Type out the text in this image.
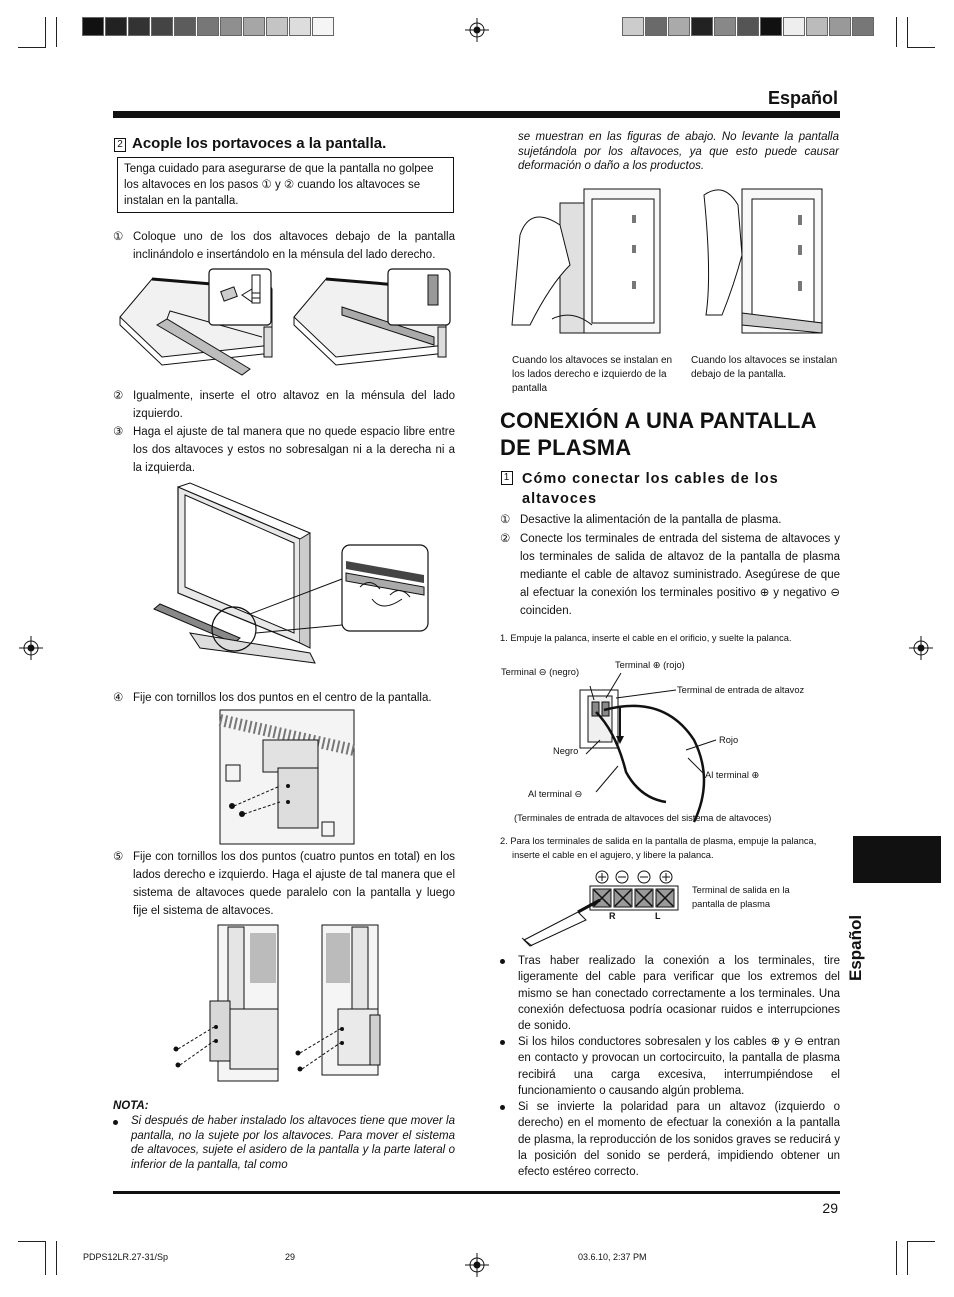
Español
2 Acople los portavoces a la pantalla.
Tenga cuidado para asegurarse de que la pantalla no golpee los altavoces en los pasos ① y ② cuando los altavoces se instalan en la pantalla.
① Coloque uno de los dos altavoces debajo de la pantalla inclinándolo e insertándolo en la ménsula del lado derecho.
② Igualmente, inserte el otro altavoz en la ménsula del lado izquierdo.
③ Haga el ajuste de tal manera que no quede espacio libre entre los dos altavoces y estos no sobresalgan ni a la derecha ni a la izquierda.
④ Fije con tornillos los dos puntos en el centro de la pantalla.
⑤ Fije con tornillos los dos puntos (cuatro puntos en total) en los lados derecho e izquierdo. Haga el ajuste de tal manera que el sistema de altavoces quede paralelo con la pantalla y luego fije el sistema de altavoces.
NOTA:
Si después de haber instalado los altavoces tiene que mover la pantalla, no la sujete por los altavoces. Para mover el sistema de altavoces, sujete el asidero de la pantalla y la parte lateral o inferior de la pantalla, tal como
se muestran en las figuras de abajo. No levante la pantalla sujetándola por los altavoces, ya que esto puede causar deformación o daño a los productos.
Cuando los altavoces se instalan en los lados derecho e izquierdo de la pantalla
Cuando los altavoces se instalan debajo de la pantalla.
CONEXIÓN A UNA PANTALLA
DE PLASMA
1 Cómo conectar los cables de los altavoces
① Desactive la alimentación de la pantalla de plasma.
② Conecte los terminales de entrada del sistema de altavoces y los terminales de salida de altavoz de la pantalla de plasma mediante el cable de altavoz suministrado. Asegúrese de que al efectuar la conexión los terminales positivo ⊕ y negativo ⊖ coinciden.
1. Empuje la palanca, inserte el cable en el orificio, y suelte la palanca.
Terminal ⊖ (negro)
Terminal ⊕ (rojo)
Terminal de entrada de altavoz
Rojo
Negro
Al terminal ⊕
Al terminal ⊖
(Terminales de entrada de altavoces del sistema de altavoces)
2. Para los terminales de salida en la pantalla de plasma, empuje la palanca, inserte el cable en el agujero, y libere la palanca.
R	L
Terminal de salida en la pantalla de plasma
Tras haber realizado la conexión a los terminales, tire ligeramente del cable para verificar que los extremos del mismo se han conectado correctamente a los terminales. Una conexión defectuosa podría ocasionar ruidos e interrupciones de sonido.
Si los hilos conductores sobresalen y los cables ⊕ y ⊖ entran en contacto y provocan un cortocircuito, la pantalla de plasma recibirá una carga excesiva, interrumpiéndose el funcionamiento o causando algún problema.
Si se invierte la polaridad para un altavoz (izquierdo o derecho) en el momento de efectuar la conexión a la pantalla de plasma, la reproducción de los sonidos graves se reducirá y la posición del sonido se perderá, impidiendo obtener un efecto estéreo correcto.
Español
29
PDPS12LR.27-31/Sp	29	03.6.10, 2:37 PM
